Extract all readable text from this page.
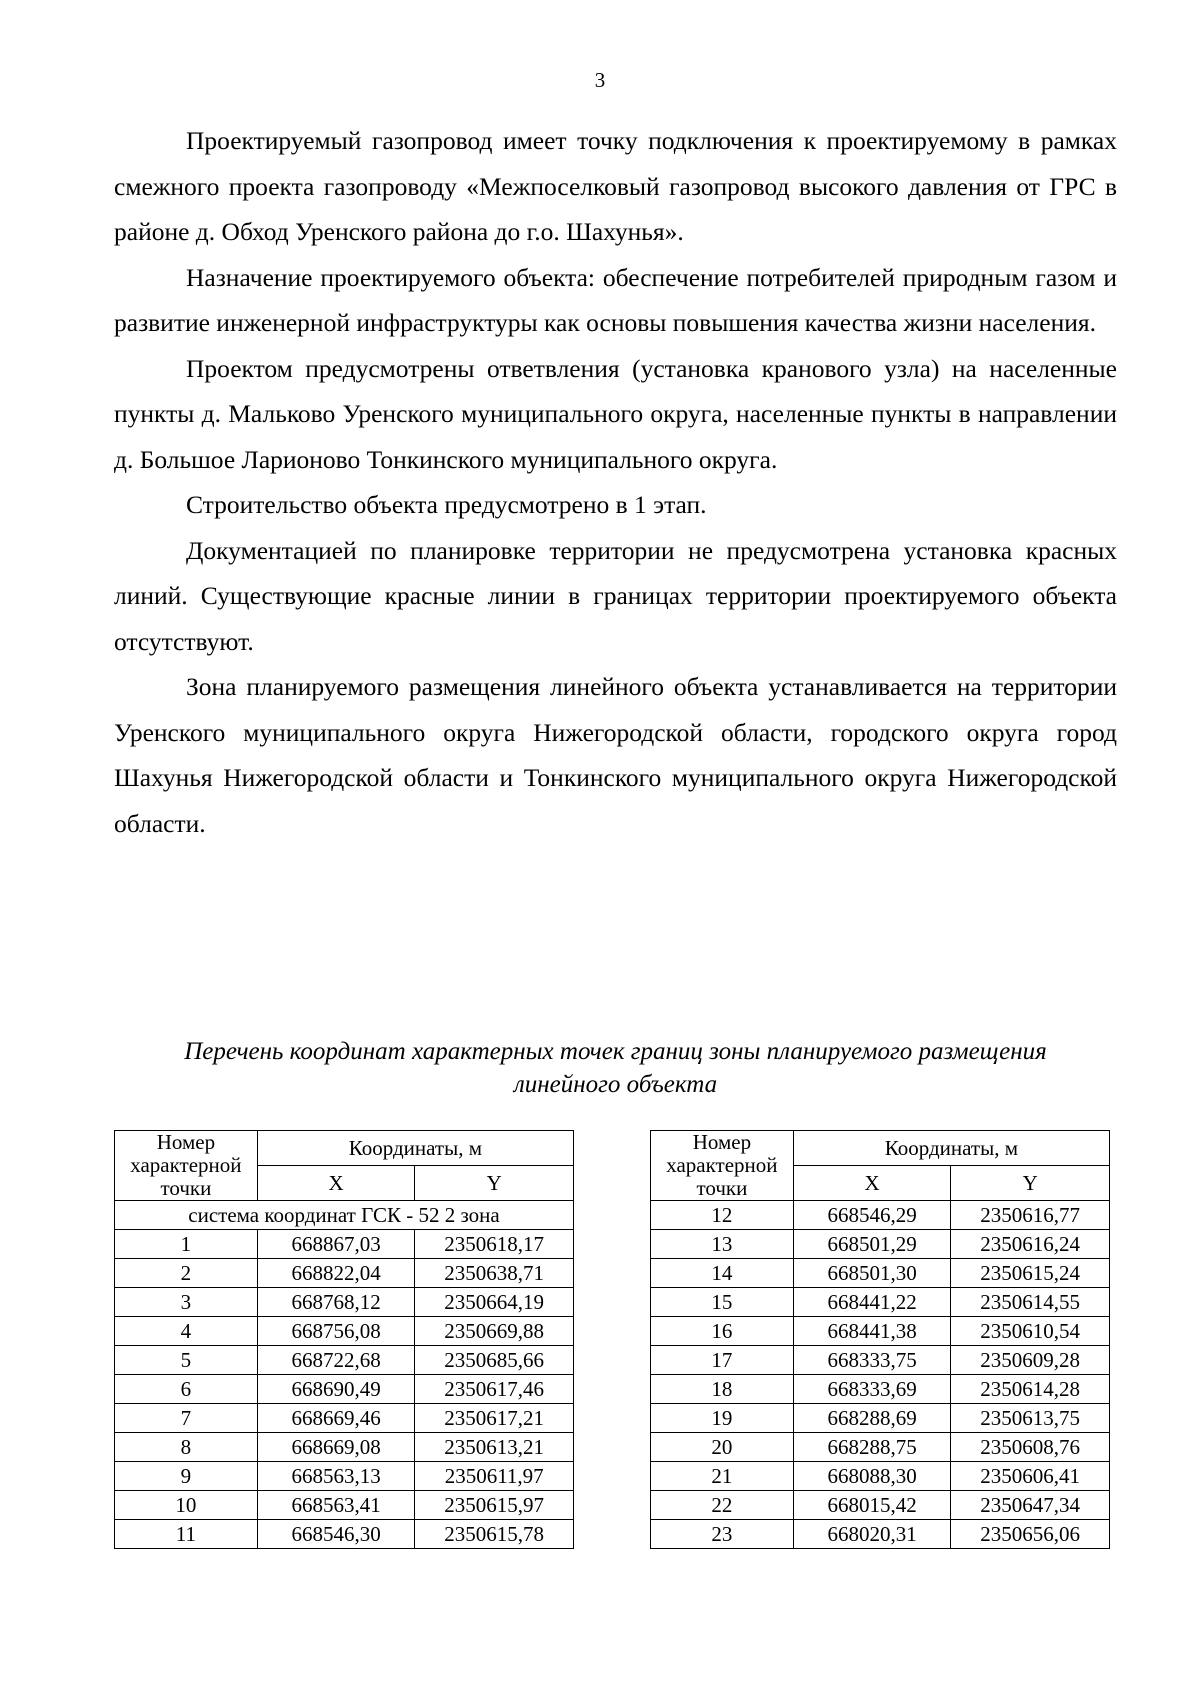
3

Проектируемый газопровод имеет точку подключения к проектируемому в рамках смежного проекта газопроводу «Межпоселковый газопровод высокого давления от ГРС в районе д. Обход Уренского района до г.о. Шахунья».

Назначение проектируемого объекта: обеспечение потребителей природным газом и развитие инженерной инфраструктуры как основы повышения качества жизни населения.

Проектом предусмотрены ответвления (установка кранового узла) на населенные пункты д. Мальково Уренского муниципального округа, населенные пункты в направлении д. Большое Ларионово Тонкинского муниципального округа.

Строительство объекта предусмотрено в 1 этап.

Документацией по планировке территории не предусмотрена установка красных линий. Существующие красные линии в границах территории проектируемого объекта отсутствуют.

Зона планируемого размещения линейного объекта устанавливается на территории Уренского муниципального округа Нижегородской области, городского округа город Шахунья Нижегородской области и Тонкинского муниципального округа Нижегородской области.

Перечень координат характерных точек границ зоны планируемого размещения
линейного объекта
Номер характерной точки	Координаты, м	
	X	Y
система координат ГСК - 52 2 зона		
1	668867,03	2350618,17
2	668822,04	2350638,71
3	668768,12	2350664,19
4	668756,08	2350669,88
5	668722,68	2350685,66
6	668690,49	2350617,46
7	668669,46	2350617,21
8	668669,08	2350613,21
9	668563,13	2350611,97
10	668563,41	2350615,97
11	668546,30	2350615,78
Номер характерной точки	Координаты, м	
	X	Y
12	668546,29	2350616,77
13	668501,29	2350616,24
14	668501,30	2350615,24
15	668441,22	2350614,55
16	668441,38	2350610,54
17	668333,75	2350609,28
18	668333,69	2350614,28
19	668288,69	2350613,75
20	668288,75	2350608,76
21	668088,30	2350606,41
22	668015,42	2350647,34
23	668020,31	2350656,06
